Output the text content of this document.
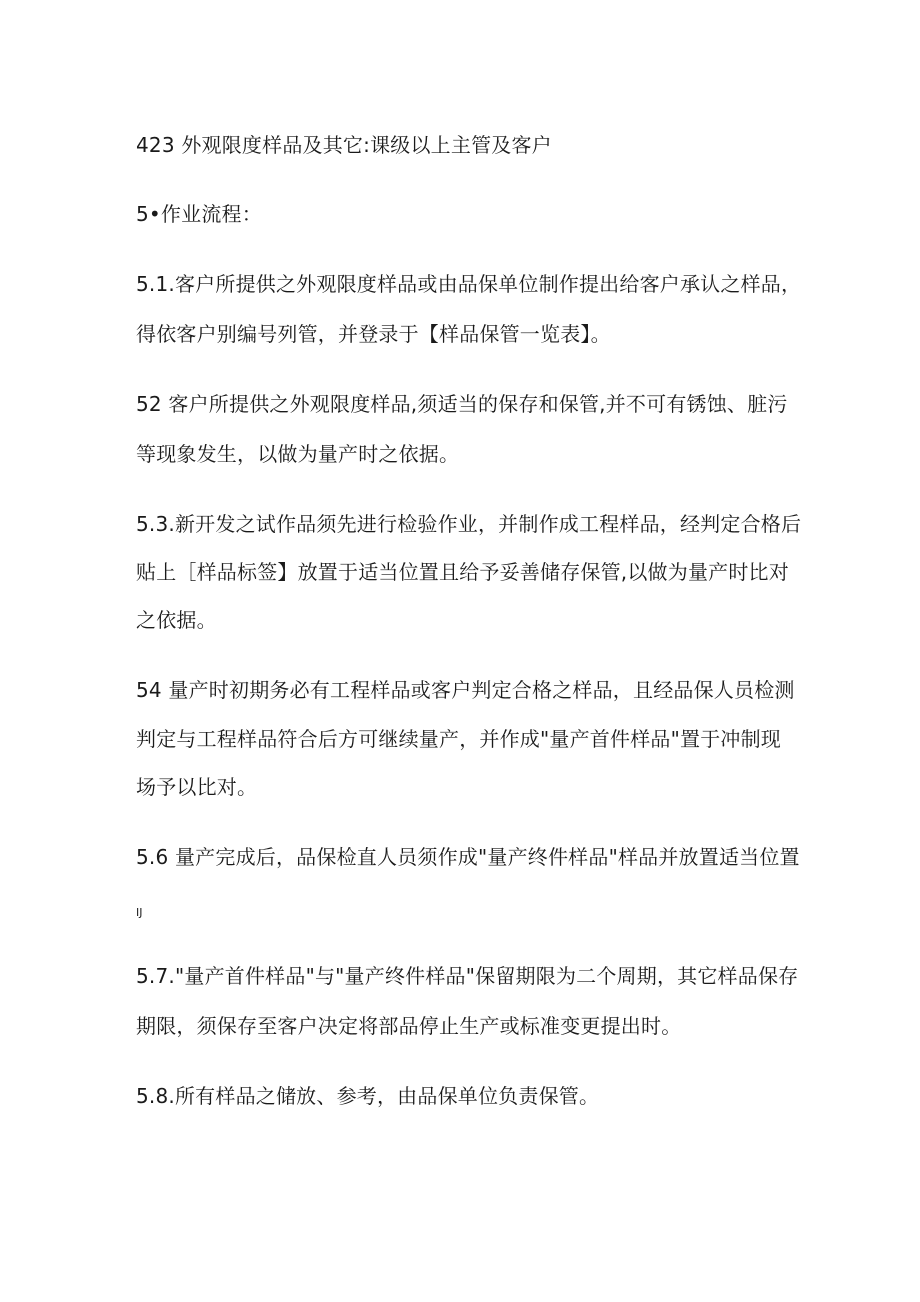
423 外观限度样品及其它:课级以上主管及客户
5•作业流程：
5.1.客户所提供之外观限度样品或由品保单位制作提出给客户承认之样品，
得依客户别编号列管，并登录于【样品保管一览表】。
52 客户所提供之外观限度样品,须适当的保存和保管,并不可有锈蚀、脏污
等现象发生，以做为量产时之依据。
5.3.新开发之试作品须先进行检验作业，并制作成工程样品，经判定合格后
贴上［样品标签】放置于适当位置且给予妥善储存保管,以做为量产时比对
之依据。
54 量产时初期务必有工程样品或客户判定合格之样品，且经品保人员检测
判定与工程样品符合后方可继续量产，并作成"量产首件样品"置于冲制现
场予以比对。
5.6 量产完成后，品保检直人员须作成"量产终件样品"样品并放置适当位置
IJ
5.7."量产首件样品"与"量产终件样品"保留期限为二个周期，其它样品保存
期限，须保存至客户决定将部品停止生产或标准变更提出时。
5.8.所有样品之储放、参考，由品保单位负责保管。
